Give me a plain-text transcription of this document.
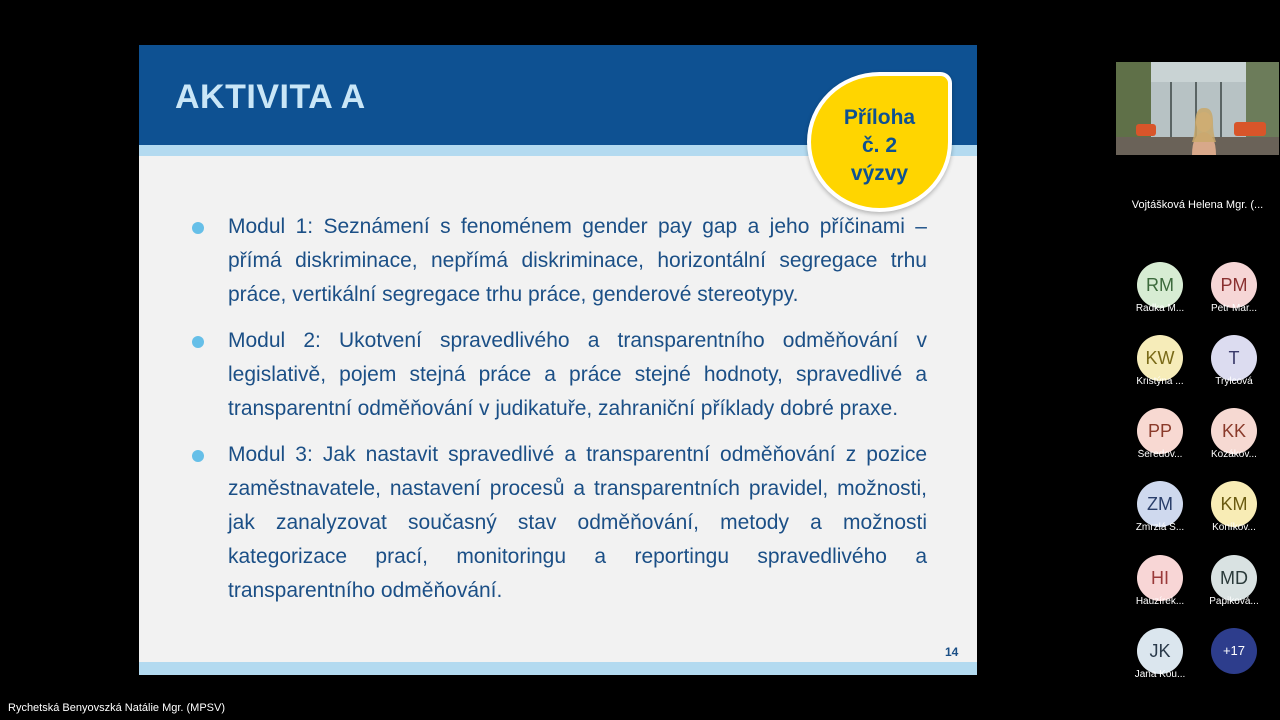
AKTIVITA A
Příloha
č. 2
výzvy
Modul 1: Seznámení s fenoménem gender pay gap a jeho příčinami – přímá diskriminace, nepřímá diskriminace, horizontální segregace trhu práce, vertikální segregace trhu práce, genderové stereotypy.
Modul 2: Ukotvení spravedlivého a transparentního odměňování v legislativě, pojem stejná práce a práce stejné hodnoty, spravedlivé a transparentní odměňování v judikatuře, zahraniční příklady dobré praxe.
Modul 3: Jak nastavit spravedlivé a transparentní odměňování z pozice zaměstnavatele, nastavení procesů a transparentních pravidel, možnosti, jak zanalyzovat současný stav odměňování, metody a možnosti kategorizace prací, monitoringu a reportingu spravedlivého a transparentního odměňování.
14
Rychetská Benyovszká Natálie Mgr. (MPSV)
Vojtášková Helena Mgr. (...
RM
Radka M...
PM
Petr Mar...
KW
Kristýna ...
T
Trylcová
PP
Šeredov...
KK
Kozákov...
ZM
Zmrzlá Š...
KM
Koníkov...
HI
Hauzírek...
MD
Papiková...
JK
Jana Kou...
+17
